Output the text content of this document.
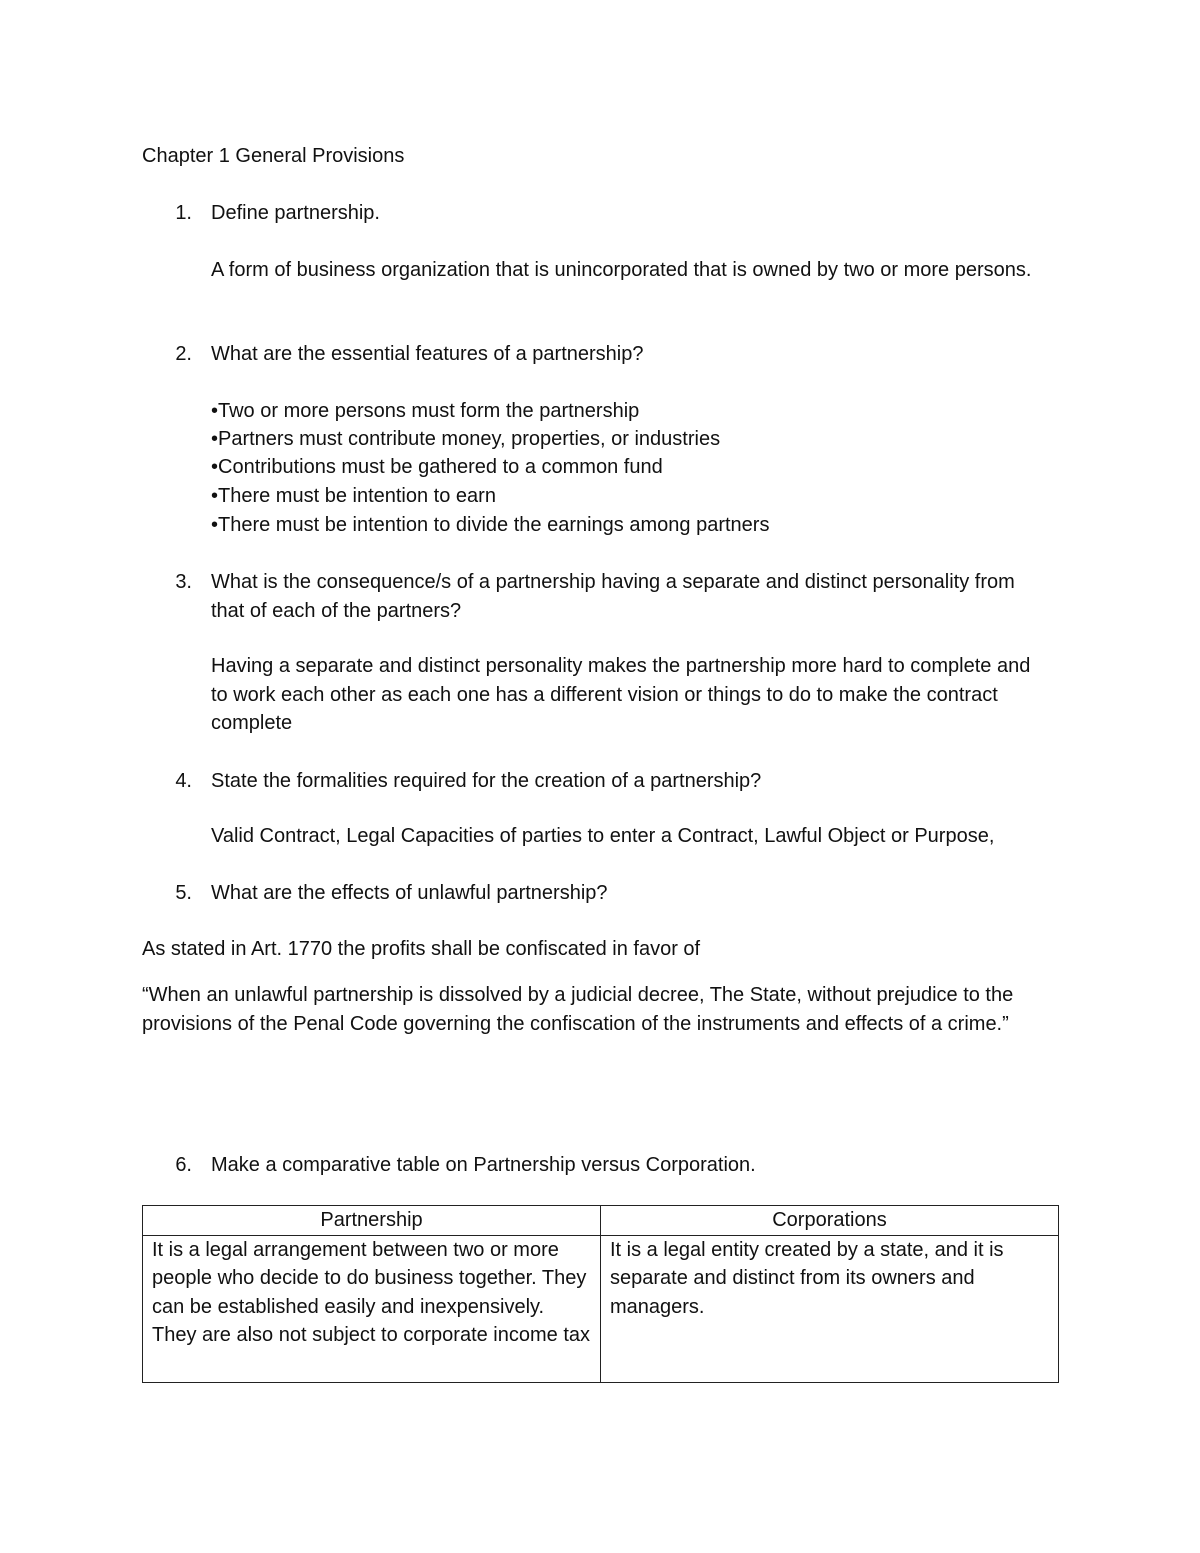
Chapter 1 General Provisions

1. Define partnership.

A form of business organization that is unincorporated that is owned by two or more persons.

2. What are the essential features of a partnership?

•Two or more persons must form the partnership

•Partners must contribute money, properties, or industries

•Contributions must be gathered to a common fund

•There must be intention to earn

•There must be intention to divide the earnings among partners

3. What is the consequence/s of a partnership having a separate and distinct personality from that of each of the partners?

Having a separate and distinct personality makes the partnership more hard to complete and to work each other as each one has a different vision or things to do to make the contract complete

4. State the formalities required for the creation of a partnership?

Valid Contract, Legal Capacities of parties to enter a Contract, Lawful Object or Purpose,

5. What are the effects of unlawful partnership?

As stated in Art. 1770 the profits shall be confiscated in favor of

“When an unlawful partnership is dissolved by a judicial decree, The State, without prejudice to the provisions of the Penal Code governing the confiscation of the instruments and effects of a crime.”

6. Make a comparative table on Partnership versus Corporation.

Partnership	Corporations
It is a legal arrangement between two or more people who decide to do business together. They can be established easily and inexpensively. They are also not subject to corporate income tax	It is a legal entity created by a state, and it is separate and distinct from its owners and managers.
